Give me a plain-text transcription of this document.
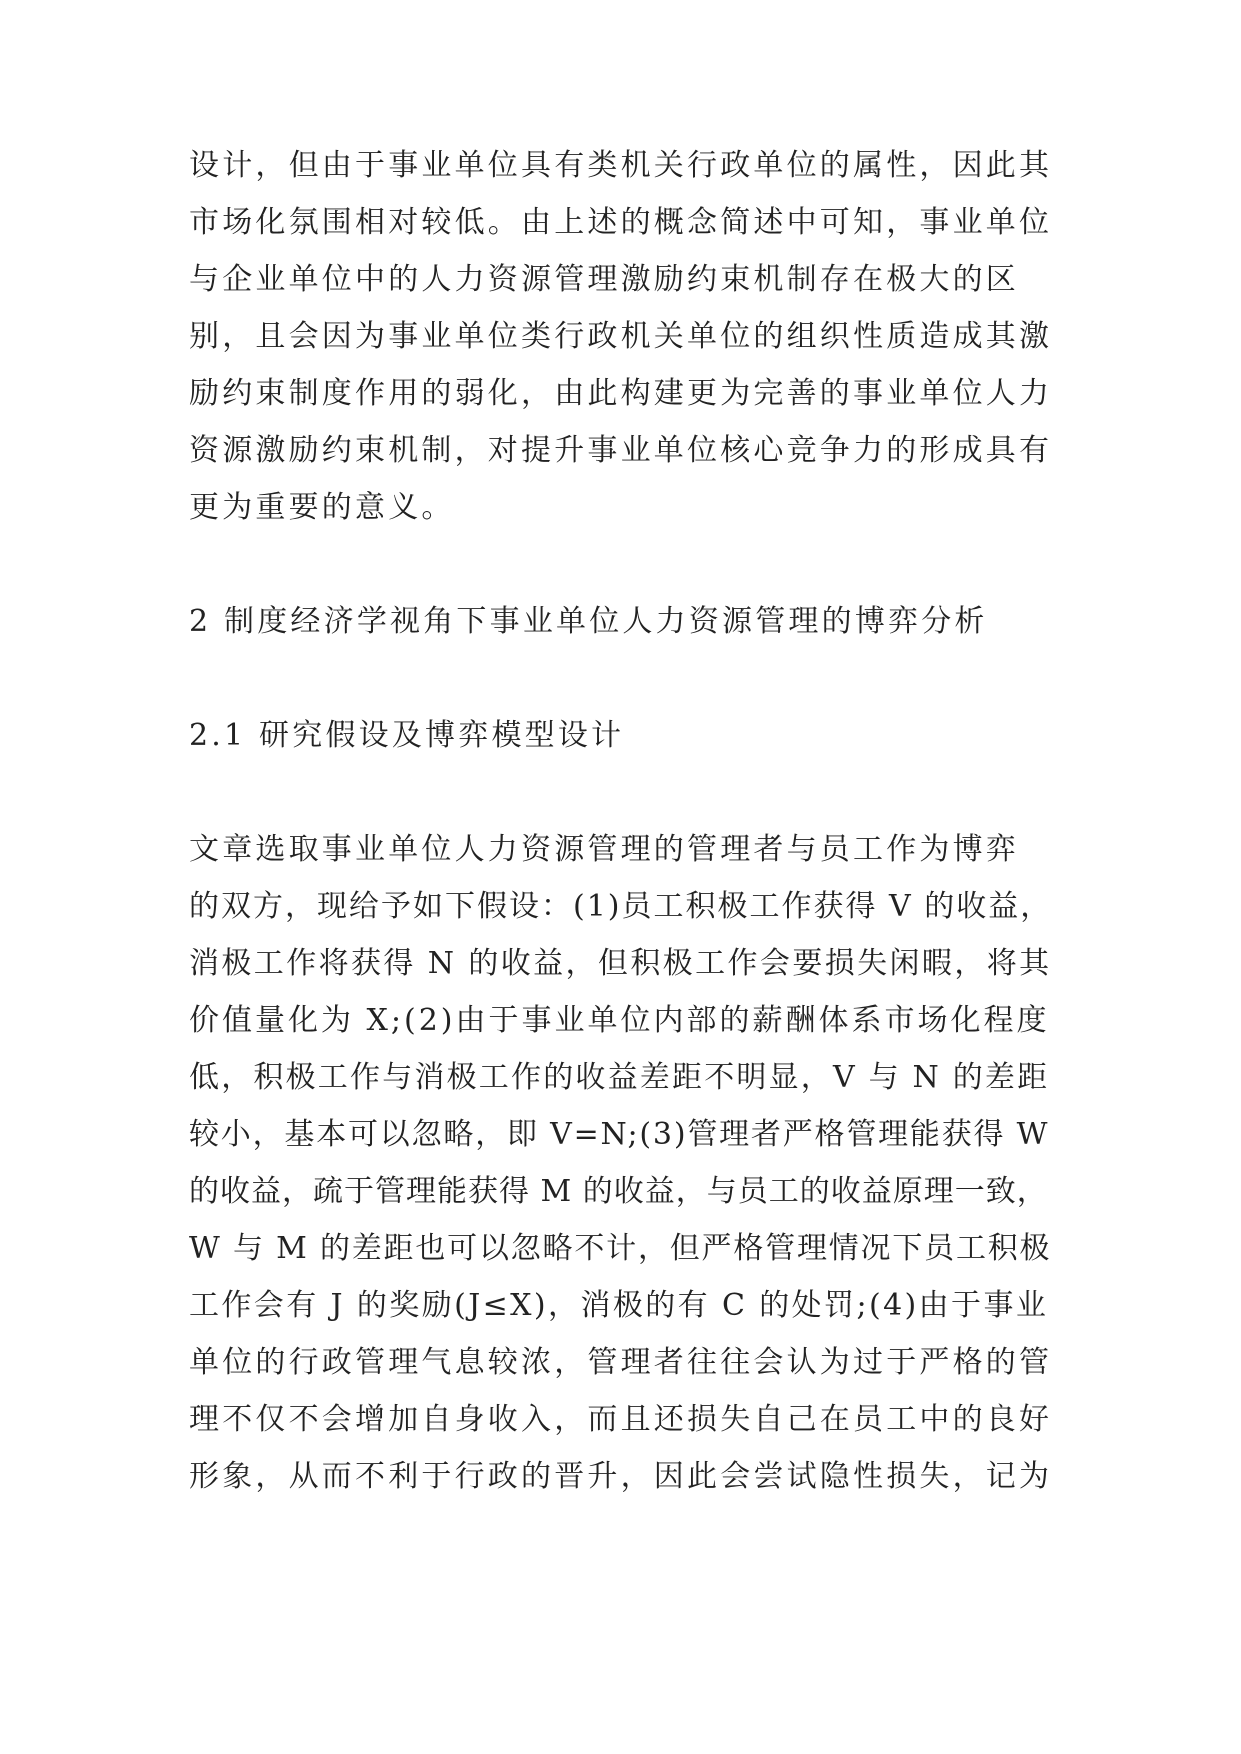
设计，但由于事业单位具有类机关行政单位的属性，因此其
市场化氛围相对较低。由上述的概念简述中可知，事业单位
与企业单位中的人力资源管理激励约束机制存在极大的区
别，且会因为事业单位类行政机关单位的组织性质造成其激
励约束制度作用的弱化，由此构建更为完善的事业单位人力
资源激励约束机制，对提升事业单位核心竞争力的形成具有
更为重要的意义。
2 制度经济学视角下事业单位人力资源管理的博弈分析
2.1 研究假设及博弈模型设计
文章选取事业单位人力资源管理的管理者与员工作为博弈
的双方，现给予如下假设：(1)员工积极工作获得 V 的收益，
消极工作将获得 N 的收益，但积极工作会要损失闲暇，将其
价值量化为 X;(2)由于事业单位内部的薪酬体系市场化程度
低，积极工作与消极工作的收益差距不明显，V 与 N 的差距
较小，基本可以忽略，即 V=N;(3)管理者严格管理能获得 W
的收益，疏于管理能获得 M 的收益，与员工的收益原理一致，
W 与 M 的差距也可以忽略不计，但严格管理情况下员工积极
工作会有 J 的奖励(J≤X)，消极的有 C 的处罚;(4)由于事业
单位的行政管理气息较浓，管理者往往会认为过于严格的管
理不仅不会增加自身收入，而且还损失自己在员工中的良好
形象，从而不利于行政的晋升，因此会尝试隐性损失，记为
